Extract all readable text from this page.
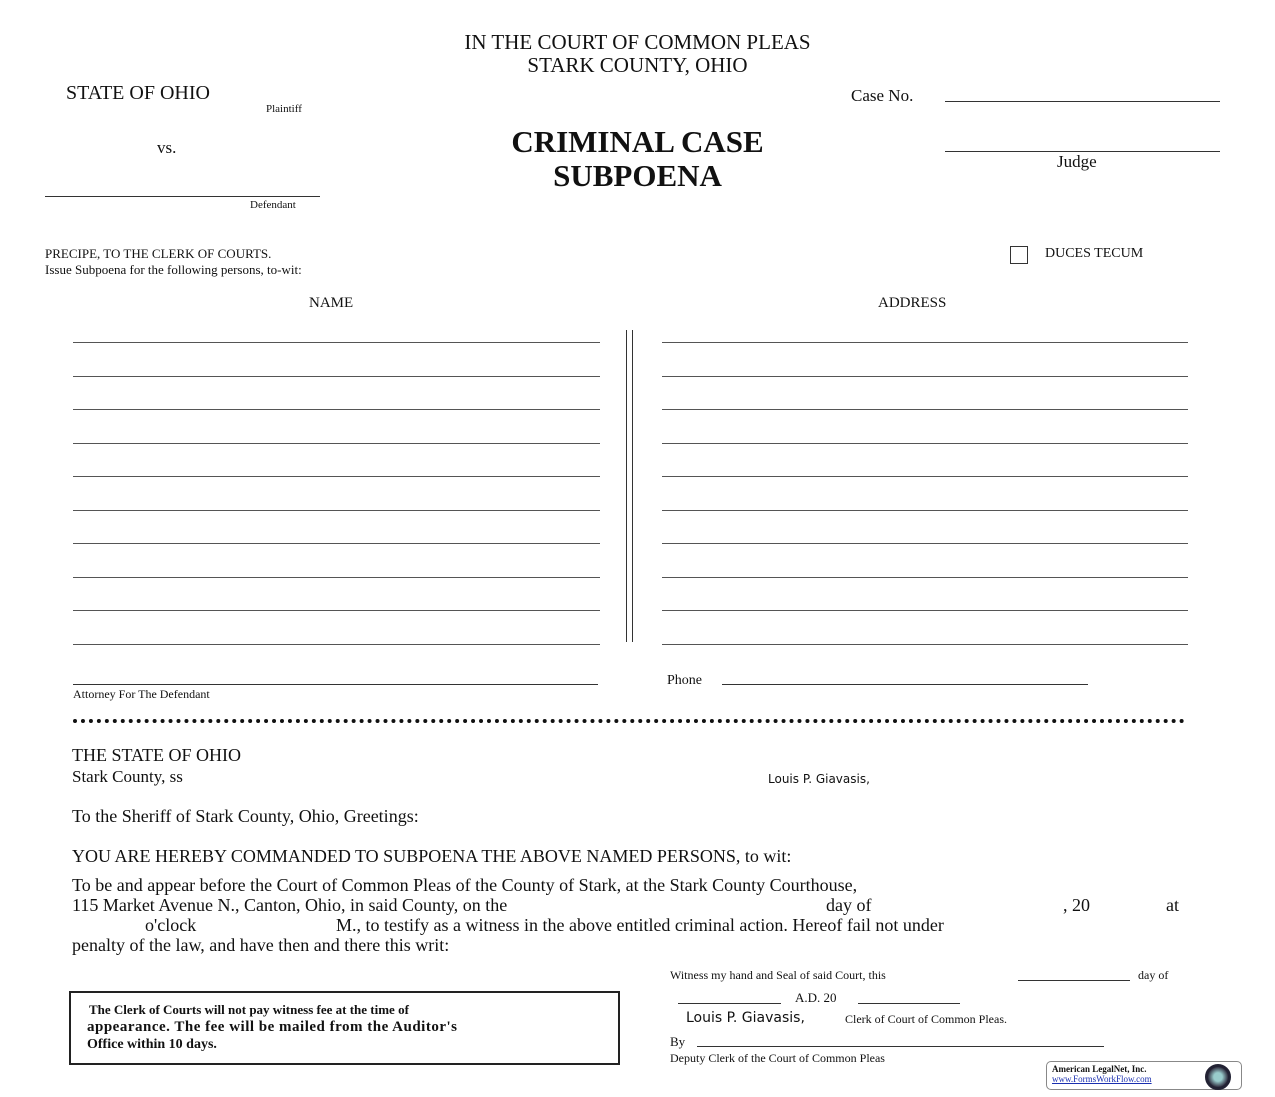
IN THE COURT OF COMMON PLEAS
STARK COUNTY, OHIO
STATE OF OHIO
Plaintiff
vs.
Defendant
CRIMINAL CASE
SUBPOENA
Case No.
Judge
PRECIPE, TO THE CLERK OF COURTS.
Issue Subpoena for the following persons, to-wit:
DUCES TECUM
NAME	ADDRESS
Attorney For The Defendant
Phone
THE STATE OF OHIO
Stark County, ss	Louis P. Giavasis,
To the Sheriff of Stark County, Ohio, Greetings:
YOU ARE HEREBY COMMANDED TO SUBPOENA THE ABOVE NAMED PERSONS, to wit:
To be and appear before the Court of Common Pleas of the County of Stark, at the Stark County Courthouse,
115 Market Avenue N., Canton, Ohio, in said County, on the	day of	, 20	at
o'clock	M., to testify as a witness in the above entitled criminal action. Hereof fail not under
penalty of the law, and have then and there this writ:
The Clerk of Courts will not pay witness fee at the time of
appearance. The fee will be mailed from the Auditor's
Office within 10 days.
Witness my hand and Seal of said Court, this	day of
A.D. 20
Louis P. Giavasis,	Clerk of Court of Common Pleas.
By
Deputy Clerk of the Court of Common Pleas
American LegalNet, Inc.
www.FormsWorkFlow.com
